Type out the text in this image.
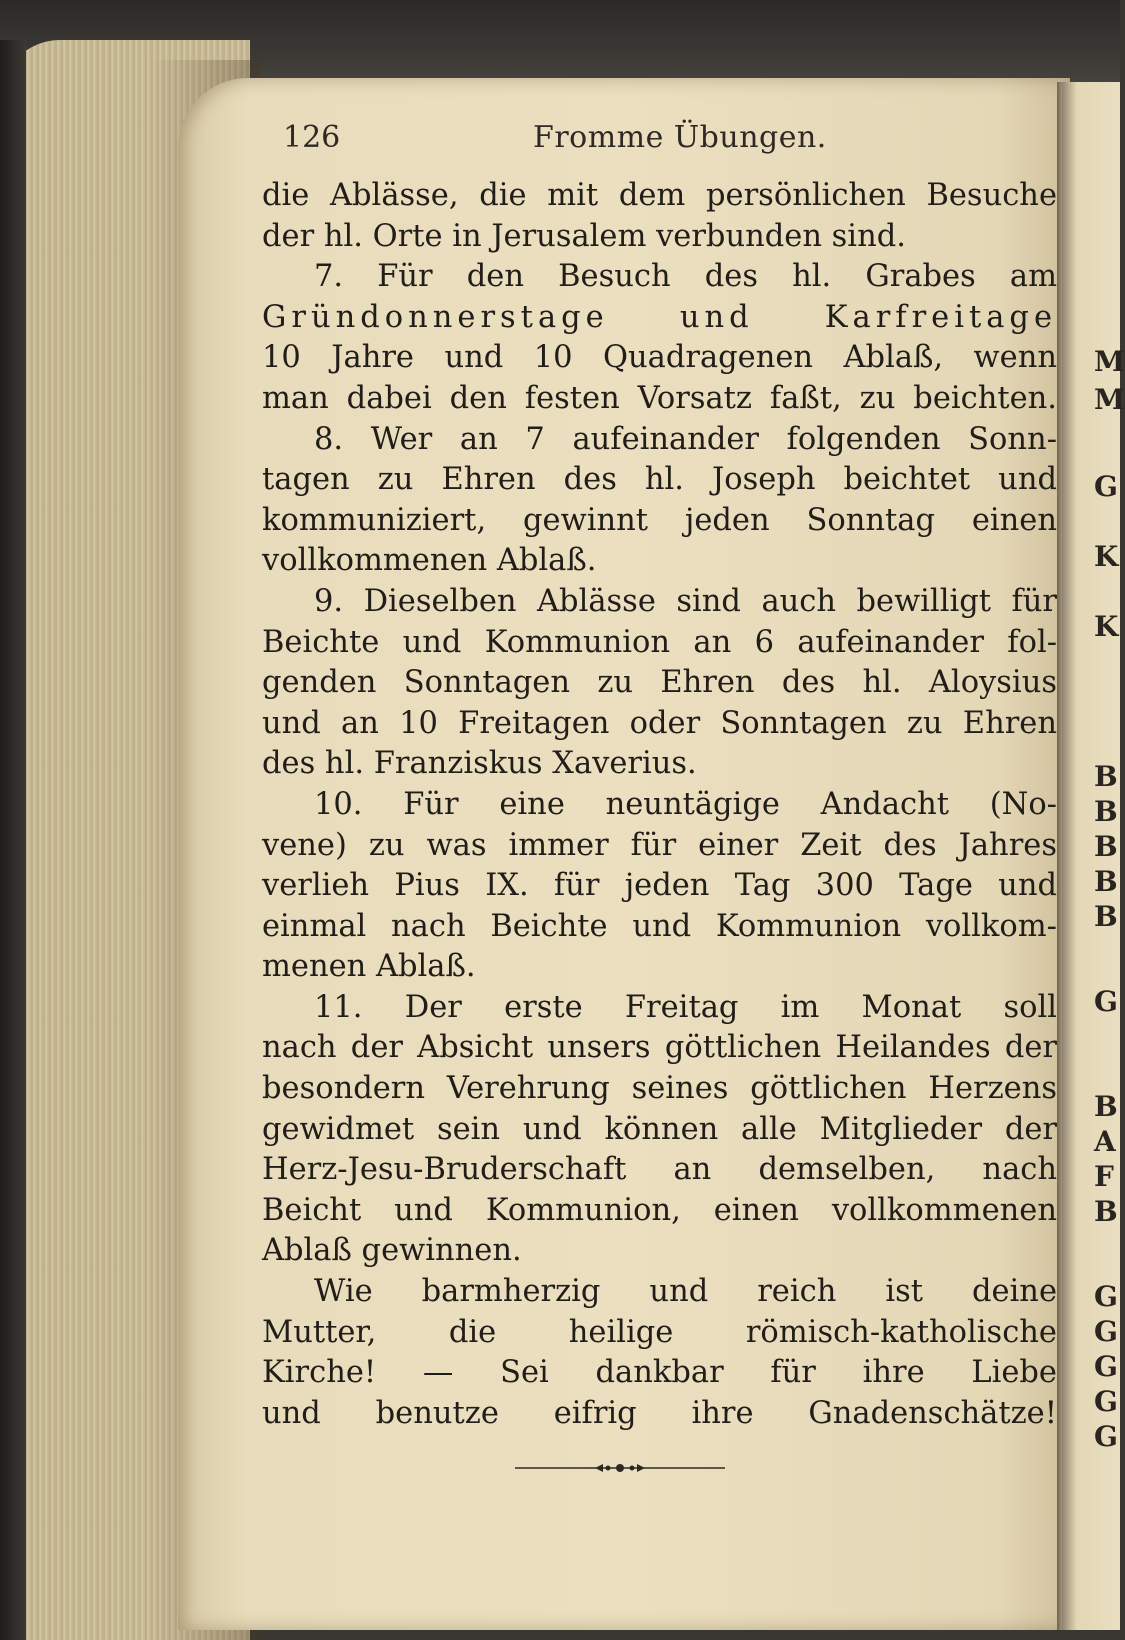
M
M
G
K
K
B
B
B
B
B
G
B
A
F
B
G
G
G
G
G
126	Fromme Übungen.
die Ablässe, die mit dem persönlichen Besuche
der hl. Orte in Jerusalem verbunden sind.
7. Für den Besuch des hl. Grabes am
Gründonnerstage und Karfreitage
10 Jahre und 10 Quadragenen Ablaß, wenn
man dabei den festen Vorsatz faßt, zu beichten.
8. Wer an 7 aufeinander folgenden Sonn-
tagen zu Ehren des hl. Joseph beichtet und
kommuniziert, gewinnt jeden Sonntag einen
vollkommenen Ablaß.
9. Dieselben Ablässe sind auch bewilligt für
Beichte und Kommunion an 6 aufeinander fol-
genden Sonntagen zu Ehren des hl. Aloysius
und an 10 Freitagen oder Sonntagen zu Ehren
des hl. Franziskus Xaverius.
10. Für eine neuntägige Andacht (No-
vene) zu was immer für einer Zeit des Jahres
verlieh Pius IX. für jeden Tag 300 Tage und
einmal nach Beichte und Kommunion vollkom-
menen Ablaß.
11. Der erste Freitag im Monat soll
nach der Absicht unsers göttlichen Heilandes der
besondern Verehrung seines göttlichen Herzens
gewidmet sein und können alle Mitglieder der
Herz-Jesu-Bruderschaft an demselben, nach
Beicht und Kommunion, einen vollkommenen
Ablaß gewinnen.
Wie barmherzig und reich ist deine
Mutter, die heilige römisch-katholische
Kirche! — Sei dankbar für ihre Liebe
und benutze eifrig ihre Gnadenschätze!
